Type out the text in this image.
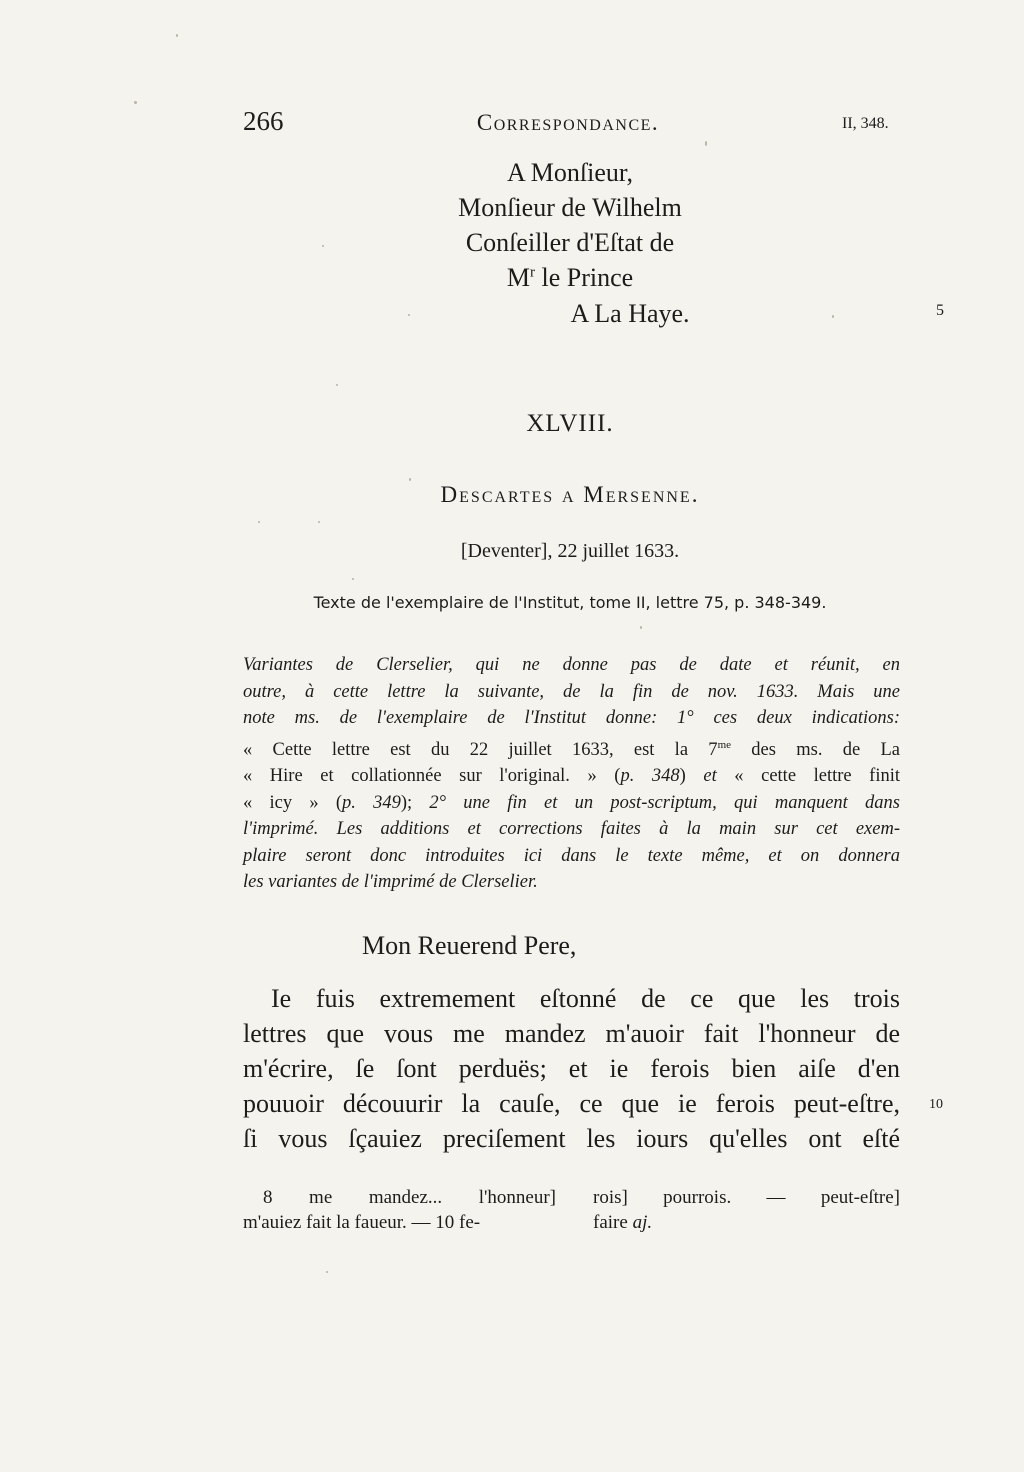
266	Correspondance.	II, 348.
A Monſieur,
Monſieur de Wilhelm
Conſeiller d'Eſtat de
$M^r$ le Prince
A La Haye.	5
XLVIII.
Descartes a Mersenne.
[Deventer], 22 juillet 1633.
Texte de l'exemplaire de l'Institut, tome II, lettre 75, p. 348-349.
Variantes de Clerselier, qui ne donne pas de date et réunit, en
outre, à cette lettre la suivante, de la fin de nov. 1633. Mais une
note ms. de l'exemplaire de l'Institut donne: 1° ces deux indications:
« Cette lettre est du 22 juillet 1633, est la $7^{me}$ des ms. de La
« Hire et collationnée sur l'original. » (p. 348) et « cette lettre finit
« icy » (p. 349); 2° une fin et un post-scriptum, qui manquent dans
l'imprimé. Les additions et corrections faites à la main sur cet exem-
plaire seront donc introduites ici dans le texte même, et on donnera
les variantes de l'imprimé de Clerselier.
Mon Reuerend Pere,
Ie fuis extremement eſtonné de ce que les trois
lettres que vous me mandez m'auoir fait l'honneur de
m'écrire, ſe ſont perduës; et ie ferois bien aiſe d'en
pouuoir découurir la cauſe, ce que ie ferois peut-eſtre,
ſi vous ſçauiez preciſement les iours qu'elles ont eſté
10
8 me mandez... l'honneur]
m'auiez fait la faueur. — 10 fe-
rois] pourrois. — peut-eſtre]
faire aj.
